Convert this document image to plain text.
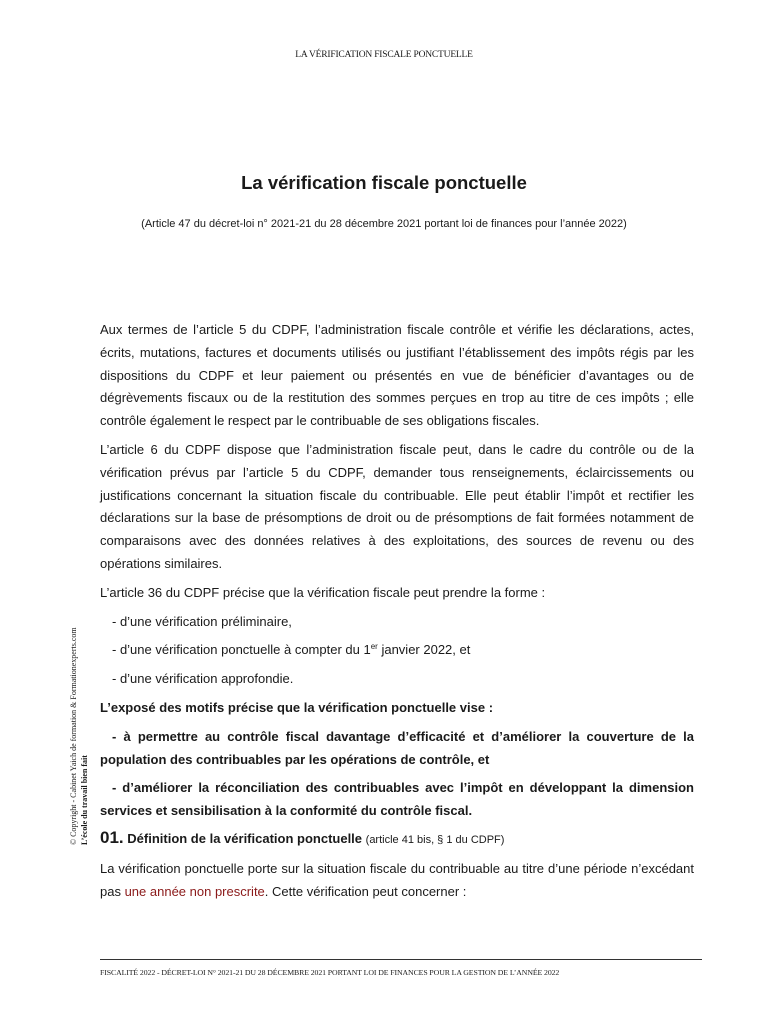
LA VÉRIFICATION FISCALE PONCTUELLE
La vérification fiscale ponctuelle
(Article 47 du décret-loi n° 2021-21 du 28 décembre 2021 portant loi de finances pour l’année 2022)

Aux termes de l’article 5 du CDPF, l’administration fiscale contrôle et vérifie les déclarations, actes, écrits, mutations, factures et documents utilisés ou justifiant l’établissement des impôts régis par les dispositions du CDPF et leur paiement ou présentés en vue de bénéficier d’avantages ou de dégrèvements fiscaux ou de la restitution des sommes perçues en trop au titre de ces impôts ; elle contrôle également le respect par le contribuable de ses obligations fiscales.

L’article 6 du CDPF dispose que l’administration fiscale peut, dans le cadre du contrôle ou de la vérification prévus par l’article 5 du CDPF, demander tous renseignements, éclaircissements ou justifications concernant la situation fiscale du contribuable. Elle peut établir l’impôt et rectifier les déclarations sur la base de présomptions de droit ou de présomptions de fait formées notamment de comparaisons avec des données relatives à des exploitations, des sources de revenu ou des opérations similaires.

L’article 36 du CDPF précise que la vérification fiscale peut prendre la forme :

- d’une vérification préliminaire,
- d’une vérification ponctuelle à compter du 1er janvier 2022, et
- d’une vérification approfondie.

L’exposé des motifs précise que la vérification ponctuelle vise :

- à permettre au contrôle fiscal davantage d’efficacité et d’améliorer la couverture de la population des contribuables par les opérations de contrôle, et

- d’améliorer la réconciliation des contribuables avec l’impôt en développant la dimension services et sensibilisation à la conformité du contrôle fiscal.

01. Définition de la vérification ponctuelle (article 41 bis, § 1 du CDPF)

La vérification ponctuelle porte sur la situation fiscale du contribuable au titre d’une période n’excédant pas une année non prescrite. Cette vérification peut concerner :

© Copyright - Cabinet Yaich de formation & Formationexperts.com L’école du travail bien fait
FISCALITÉ 2022 - DÉCRET-LOI N° 2021-21 DU 28 DÉCEMBRE 2021 PORTANT LOI DE FINANCES POUR LA GESTION DE L’ANNÉE 2022
